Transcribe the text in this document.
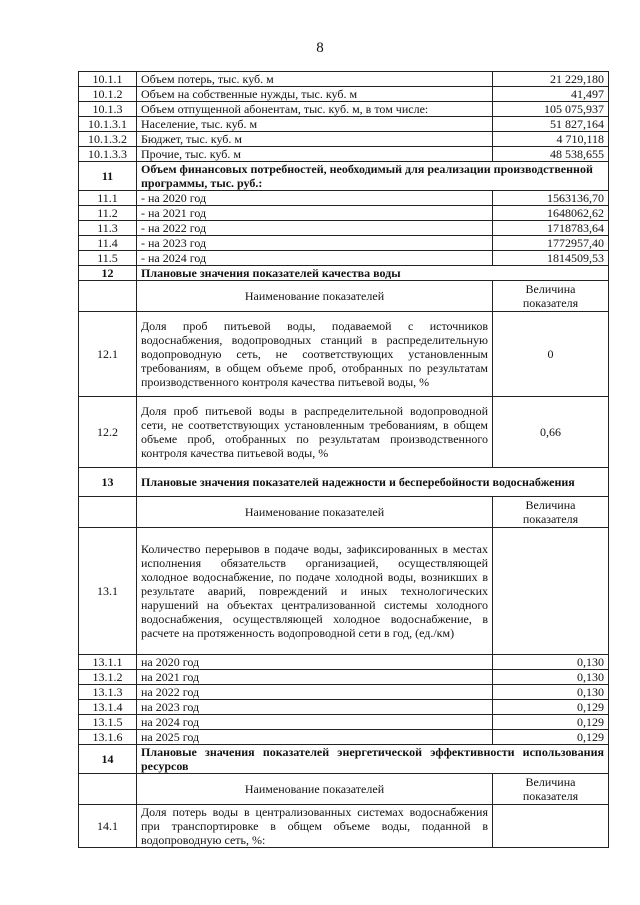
8
10.1.1	Объем потерь, тыс. куб. м	21 229,180
10.1.2	Объем на собственные нужды, тыс. куб. м	41,497
10.1.3	Объем отпущенной абонентам, тыс. куб. м, в том числе:	105 075,937
10.1.3.1	Население, тыс. куб. м	51 827,164
10.1.3.2	Бюджет, тыс. куб. м	4 710,118
10.1.3.3	Прочие, тыс. куб. м	48 538,655
11	Объем финансовых потребностей, необходимый для реализации производственной программы, тыс. руб.:	
11.1	- на 2020 год	1563136,70
11.2	- на 2021 год	1648062,62
11.3	- на 2022 год	1718783,64
11.4	- на 2023 год	1772957,40
11.5	- на 2024 год	1814509,53
12	Плановые значения показателей качества воды	
	Наименование показателей	Величина показателя
12.1	Доля проб питьевой воды, подаваемой с источников водоснабжения, водопроводных станций в распределительную водопроводную сеть, не соответствующих установленным требованиям, в общем объеме проб, отобранных по результатам производственного контроля качества питьевой воды, %	0
12.2	Доля проб питьевой воды в распределительной водопроводной сети, не соответствующих установленным требованиям, в общем объеме проб, отобранных по результатам производственного контроля качества питьевой воды, %	0,66
13	Плановые значения показателей надежности и бесперебойности водоснабжения	
	Наименование показателей	Величина показателя
13.1	Количество перерывов в подаче воды, зафиксированных в местах исполнения обязательств организацией, осуществляющей холодное водоснабжение, по подаче холодной воды, возникших в результате аварий, повреждений и иных технологических нарушений на объектах централизованной системы холодного водоснабжения, осуществляющей холодное водоснабжение, в расчете на протяженность водопроводной сети в год, (ед./км)	
13.1.1	на 2020 год	0,130
13.1.2	на 2021 год	0,130
13.1.3	на 2022 год	0,130
13.1.4	на 2023 год	0,129
13.1.5	на 2024 год	0,129
13.1.6	на 2025 год	0,129
14	Плановые значения показателей энергетической эффективности использования ресурсов	
	Наименование показателей	Величина показателя
14.1	Доля потерь воды в централизованных системах водоснабжения при транспортировке в общем объеме воды, поданной в водопроводную сеть, %:	
